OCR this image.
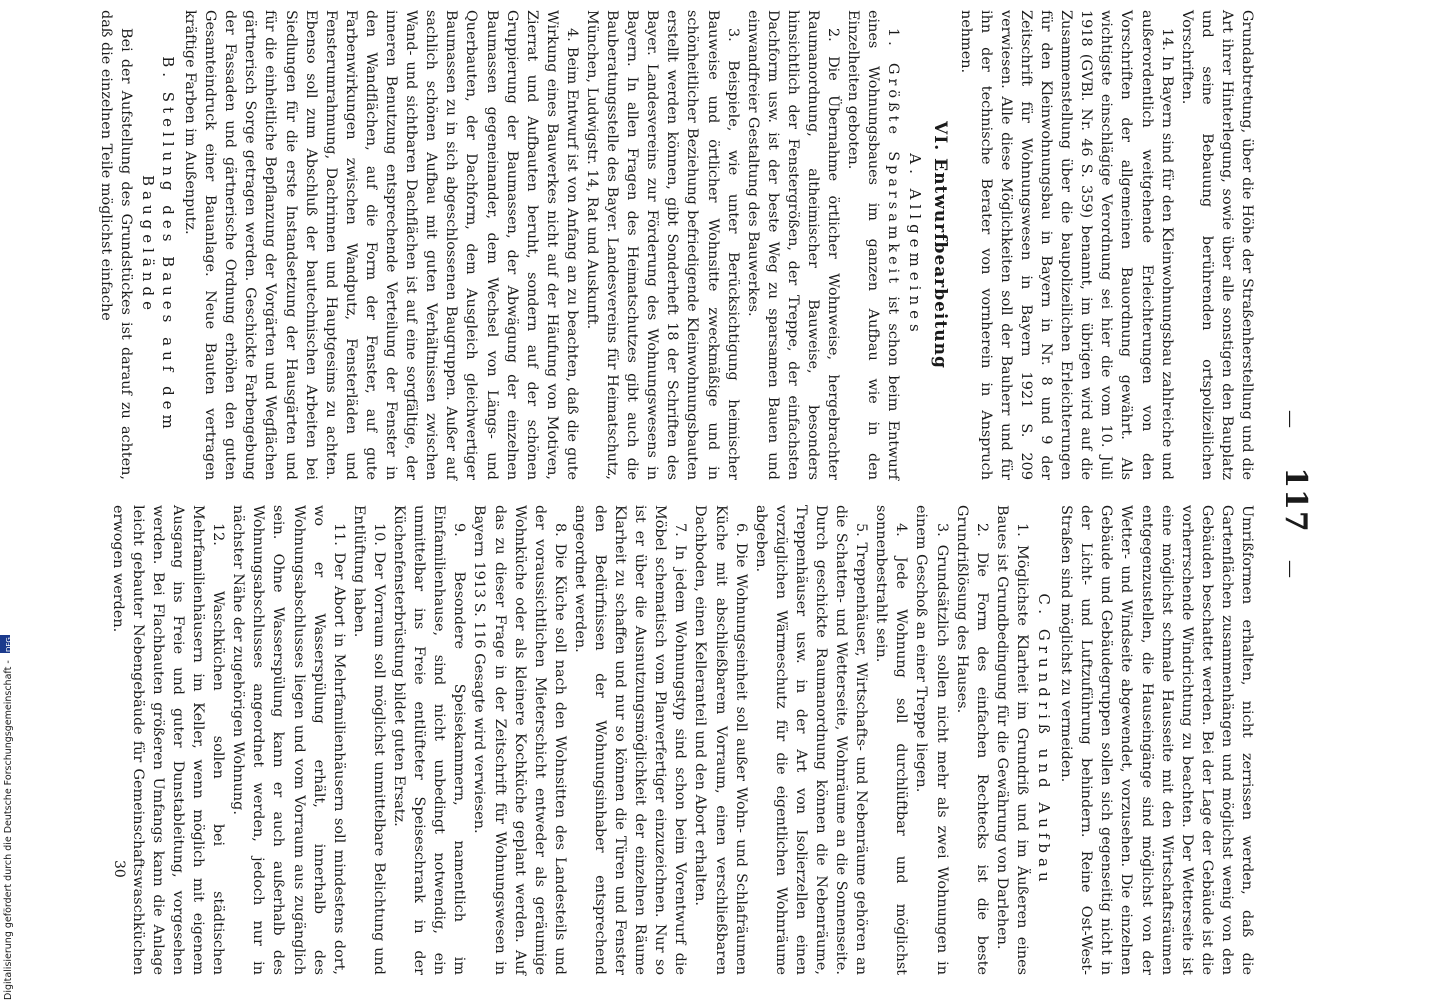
Digitalisierung gefördert durch die Deutsche Forschungsgemeinschaft - DFG
—
117
—

Grundabtretung, über die Höhe der Straßenherstellung und die Art ihrer Hinterlegung, sowie über alle sonstigen den Bauplatz und seine Bebauung berührenden ortspolizeilichen Vorschriften.

14. In Bayern sind für den Kleinwohnungsbau zahlreiche und außerordentlich weitgehende Erleichterungen von den Vorschriften der allgemeinen Bauordnung gewährt. Als wichtigste einschlägige Verordnung sei hier die vom 10. Juli 1918 (GVBl. Nr. 46 S. 359) benannt, im übrigen wird auf die Zusammenstellung über die baupolizeilichen Erleichterungen für den Kleinwohnungsbau in Bayern in Nr. 8 und 9 der Zeitschrift für Wohnungswesen in Bayern 1921 S. 209 verwiesen. Alle diese Möglichkeiten soll der Bauherr und für ihn der technische Berater von vornherein in Anspruch nehmen.

VI. Entwurfbearbeitung
A. Allgemeines

1. Größte Sparsamkeit ist schon beim Entwurf eines Wohnungsbaues im ganzen Aufbau wie in den Einzelheiten geboten.

2. Die Übernahme örtlicher Wohnweise, hergebrachter Raumanordnung, altheimischer Bauweise, besonders hinsichtlich der Fenstergrößen, der Treppe, der einfachsten Dachform usw. ist der beste Weg zu sparsamen Bauen und einwandfreier Gestaltung des Bauwerkes.

3. Beispiele, wie unter Berücksichtigung heimischer Bauweise und örtlicher Wohnsitte zweckmäßige und in schönheitlicher Beziehung befriedigende Kleinwohnungsbauten erstellt werden können, gibt Sonderheft 18 der Schriften des Bayer. Landesvereins zur Förderung des Wohnungswesens in Bayern. In allen Fragen des Heimatschutzes gibt auch die Bauberatungsstelle des Bayer. Landesvereins für Heimatschutz, München, Ludwigstr. 14, Rat und Auskunft.

4. Beim Entwurf ist von Anfang an zu beachten, daß die gute Wirkung eines Bauwerkes nicht auf der Häufung von Motiven, Zierrat und Aufbauten beruht, sondern auf der schönen Gruppierung der Baumassen, der Abwägung der einzelnen Baumassen gegeneinander, dem Wechsel von Längs- und Querbauten, der Dachform, dem Ausgleich gleichwertiger Baumassen zu in sich abgeschlossenen Baugruppen. Außer auf sachlich schönen Aufbau mit guten Verhältnissen zwischen Wand- und sichtbaren Dachflächen ist auf eine sorgfältige, der inneren Benutzung entsprechende Verteilung der Fenster in den Wandflächen, auf die Form der Fenster, auf gute Farbenwirkungen zwischen Wandputz, Fensterläden und Fensterumrahmung, Dachrinnen und Hauptgesims zu achten. Ebenso soll zum Abschluß der bautechnischen Arbeiten bei Siedlungen für die erste Instandsetzung der Hausgärten und für die einheitliche Bepflanzung der Vorgärten und Wegflächen gärtnerisch Sorge getragen werden. Geschickte Farbengebung der Fassaden und gärtnerische Ordnung erhöhen den guten Gesamteindruck einer Bauanlage. Neue Bauten vertragen kräftige Farben im Außenputz.

B. Stellung des Baues auf dem Baugelände

Bei der Aufstellung des Grundstückes ist darauf zu achten, daß die einzelnen Teile möglichst einfache

Umrißformen erhalten, nicht zerrissen werden, daß die Gartenflächen zusammenhängen und möglichst wenig von den Gebäuden beschattet werden. Bei der Lage der Gebäude ist die vorherrschende Windrichtung zu beachten. Der Wetterseite ist eine möglichst schmale Hausseite mit den Wirtschaftsräumen entgegenzustellen, die Hauseingänge sind möglichst von der Wetter- und Windseite abgewendet, vorzusehen. Die einzelnen Gebäude und Gebäudegruppen sollen sich gegenseitig nicht in der Licht- und Luftzuführung behindern. Reine Ost-West-Straßen sind möglichst zu vermeiden.

C. Grundriß und Aufbau

1. Möglichste Klarheit im Grundriß und im Äußeren eines Baues ist Grundbedingung für die Gewährung von Darlehen.

2. Die Form des einfachen Rechtecks ist die beste Grundrißlösung des Hauses.

3. Grundsätzlich sollen nicht mehr als zwei Wohnungen in einem Geschoß an einer Treppe liegen.

4. Jede Wohnung soll durchlüftbar und möglichst sonnenbestrahlt sein.

5. Treppenhäuser, Wirtschafts- und Nebenräume gehören an die Schatten- und Wetterseite, Wohnräume an die Sonnenseite. Durch geschickte Raumanordnung können die Nebenräume, Treppenhäuser usw. in der Art von Isolierzellen einen vorzüglichen Wärmeschutz für die eigentlichen Wohnräume abgeben.

6. Die Wohnungseinheit soll außer Wohn- und Schlafräumen Küche mit abschließbarem Vorraum, einen verschließbaren Dachboden, einen Kelleranteil und den Abort erhalten.

7. In jedem Wohnungstyp sind schon beim Vorentwurf die Möbel schematisch vom Planverfertiger einzuzeichnen. Nur so ist er über die Ausnutzungsmöglichkeit der einzelnen Räume Klarheit zu schaffen und nur so können die Türen und Fenster den Bedürfnissen der Wohnungsinhaber entsprechend angeordnet werden.

8. Die Küche soll nach den Wohnsitten des Landesteils und der voraussichtlichen Mieterschicht entweder als geräumige Wohnküche oder als kleinere Kochküche geplant werden. Auf das zu dieser Frage in der Zeitschrift für Wohnungswesen in Bayern 1913 S. 116 Gesagte wird verwiesen.

9. Besondere Speisekammern, namentlich im Einfamilienhause, sind nicht unbedingt notwendig, ein unmittelbar ins Freie entlüfteter Speiseschrank in der Küchenfensterbrüstung bildet guten Ersatz.

10. Der Vorraum soll möglichst unmittelbare Belichtung und Entlüftung haben.

11. Der Abort in Mehrfamilienhäusern soll mindestens dort, wo er Wasserspülung erhält, innerhalb des Wohnungsabschlusses liegen und vom Vorraum aus zugänglich sein. Ohne Wasserspülung kann er auch außerhalb des Wohnungsabschlusses angeordnet werden, jedoch nur in nächster Nähe der zugehörigen Wohnung.

12. Waschküchen sollen bei städtischen Mehrfamilienhäusern im Keller, wenn möglich mit eigenem Ausgang ins Freie und guter Dunstableitung, vorgesehen werden. Bei Flachbauten größeren Umfangs kann die Anlage leicht gebauter Nebengebäude für Gemeinschaftswaschküchen erwogen werden.

30
